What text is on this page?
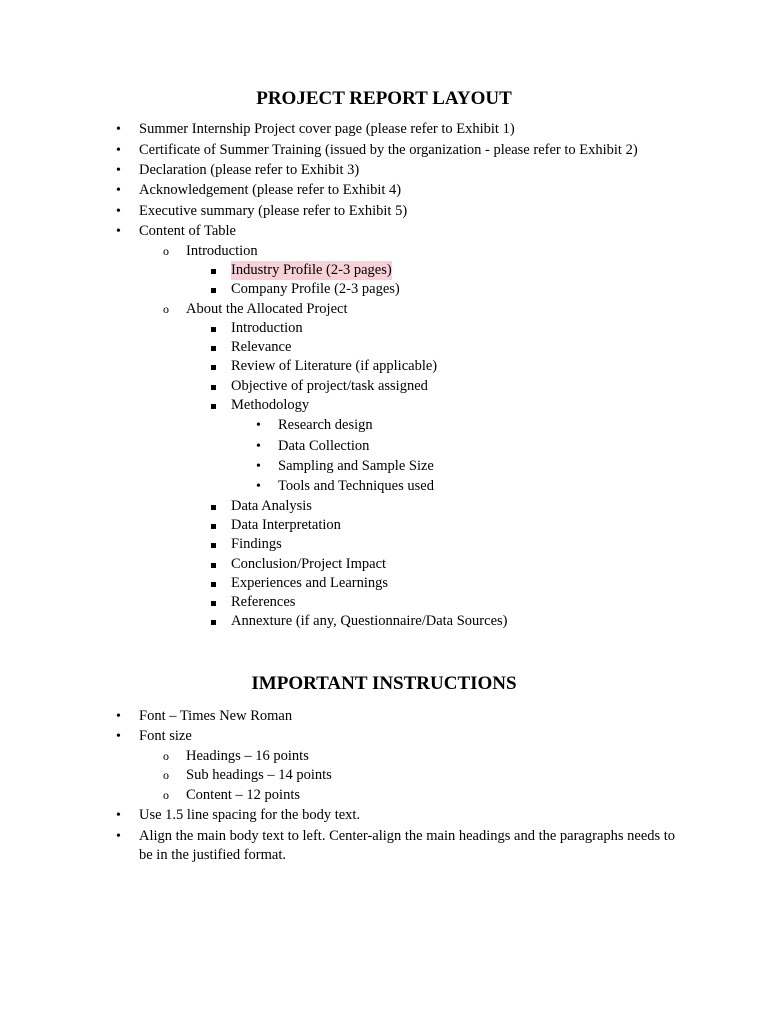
PROJECT REPORT LAYOUT
•
Summer Internship Project cover page (please refer to Exhibit 1)
•
Certificate of Summer Training (issued by the organization - please refer to Exhibit 2)
•
Declaration (please refer to Exhibit 3)
•
Acknowledgement (please refer to Exhibit 4)
•
Executive summary (please refer to Exhibit 5)
•
Content of Table
o
Introduction
Industry Profile (2-3 pages)
Company Profile (2-3 pages)
o
About the Allocated Project
Introduction
Relevance
Review of Literature (if applicable)
Objective of project/task assigned
Methodology
•
Research design
•
Data Collection
•
Sampling and Sample Size
•
Tools and Techniques used
Data Analysis
Data Interpretation
Findings
Conclusion/Project Impact
Experiences and Learnings
References
Annexture (if any, Questionnaire/Data Sources)
IMPORTANT INSTRUCTIONS
•
Font – Times New Roman
•
Font size
o
Headings – 16 points
o
Sub headings – 14 points
o
Content – 12 points
•
Use 1.5 line spacing for the body text.
•
Align the main body text to left. Center-align the main headings and the paragraphs needs to be in the justified format.
